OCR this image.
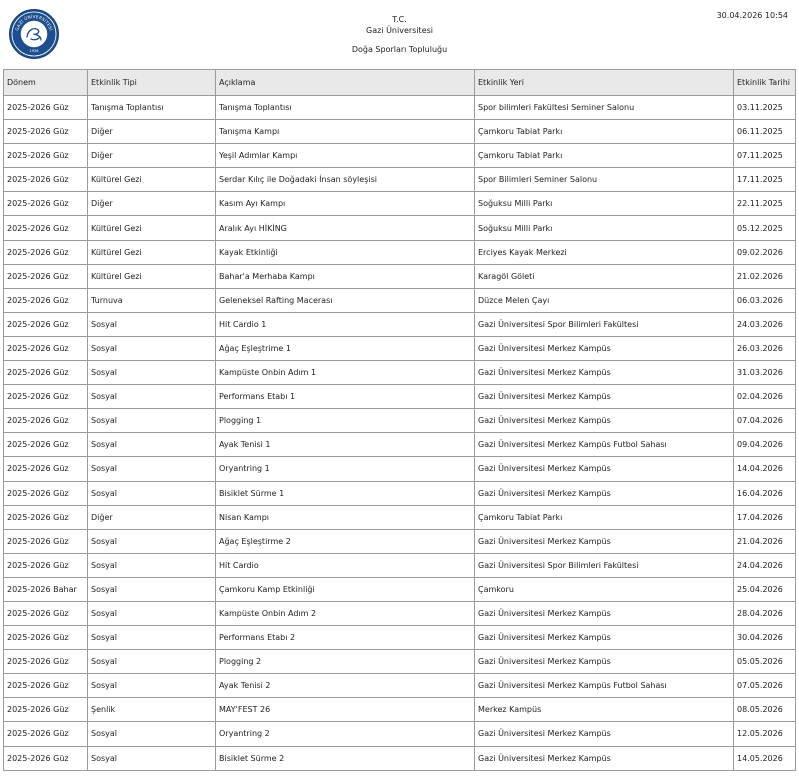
GAZİ ÜNİVERSİTESİ
1926
T.C.
Gazi Üniversitesi
Doğa Sporları Topluluğu
30.04.2026 10:54
Dönem	Etkinlik Tipi	Açıklama	Etkinlik Yeri	Etkinlik Tarihi
2025-2026 Güz	Tanışma Toplantısı	Tanışma Toplantısı	Spor bilimleri Fakültesi Seminer Salonu	03.11.2025
2025-2026 Güz	Diğer	Tanışma Kampı	Çamkoru Tabiat Parkı	06.11.2025
2025-2026 Güz	Diğer	Yeşil Adımlar Kampı	Çamkoru Tabiat Parkı	07.11.2025
2025-2026 Güz	Kültürel Gezi	Serdar Kılıç ile Doğadaki İnsan söyleşisi	Spor Bilimleri Seminer Salonu	17.11.2025
2025-2026 Güz	Diğer	Kasım Ayı Kampı	Soğuksu Milli Parkı	22.11.2025
2025-2026 Güz	Kültürel Gezi	Aralık Ayı HİKİNG	Soğuksu Milli Parkı	05.12.2025
2025-2026 Güz	Kültürel Gezi	Kayak Etkinliği	Erciyes Kayak Merkezi	09.02.2026
2025-2026 Güz	Kültürel Gezi	Bahar'a Merhaba Kampı	Karagöl Göleti	21.02.2026
2025-2026 Güz	Turnuva	Geleneksel Rafting Macerası	Düzce Melen Çayı	06.03.2026
2025-2026 Güz	Sosyal	Hit Cardio 1	Gazi Üniversitesi Spor Bilimleri Fakültesi	24.03.2026
2025-2026 Güz	Sosyal	Ağaç Eşleştrime 1	Gazi Üniversitesi Merkez Kampüs	26.03.2026
2025-2026 Güz	Sosyal	Kampüste Onbin Adım 1	Gazi Üniversitesi Merkez Kampüs	31.03.2026
2025-2026 Güz	Sosyal	Performans Etabı 1	Gazi Üniversitesi Merkez Kampüs	02.04.2026
2025-2026 Güz	Sosyal	Plogging 1	Gazi Üniversitesi Merkez Kampüs	07.04.2026
2025-2026 Güz	Sosyal	Ayak Tenisi 1	Gazi Üniversitesi Merkez Kampüs Futbol Sahası	09.04.2026
2025-2026 Güz	Sosyal	Oryantring 1	Gazi Üniversitesi Merkez Kampüs	14.04.2026
2025-2026 Güz	Sosyal	Bisiklet Sürme 1	Gazi Üniversitesi Merkez Kampüs	16.04.2026
2025-2026 Güz	Diğer	Nisan Kampı	Çamkoru Tabiat Parkı	17.04.2026
2025-2026 Güz	Sosyal	Ağaç Eşleştirme 2	Gazi Üniversitesi Merkez Kampüs	21.04.2026
2025-2026 Güz	Sosyal	Hit Cardio	Gazi Üniversitesi Spor Bilimleri Fakültesi	24.04.2026
2025-2026 Bahar	Sosyal	Çamkoru Kamp Etkinliği	Çamkoru	25.04.2026
2025-2026 Güz	Sosyal	Kampüste Onbin Adım 2	Gazi Üniversitesi Merkez Kampüs	28.04.2026
2025-2026 Güz	Sosyal	Performans Etabı 2	Gazi Üniversitesi Merkez Kampüs	30.04.2026
2025-2026 Güz	Sosyal	Plogging 2	Gazi Üniversitesi Merkez Kampüs	05.05.2026
2025-2026 Güz	Sosyal	Ayak Tenisi 2	Gazi Üniversitesi Merkez Kampüs Futbol Sahası	07.05.2026
2025-2026 Güz	Şenlik	MAY'FEST 26	Merkez Kampüs	08.05.2026
2025-2026 Güz	Sosyal	Oryantring 2	Gazi Üniversitesi Merkez Kampüs	12.05.2026
2025-2026 Güz	Sosyal	Bisiklet Sürme 2	Gazi Üniversitesi Merkez Kampüs	14.05.2026
